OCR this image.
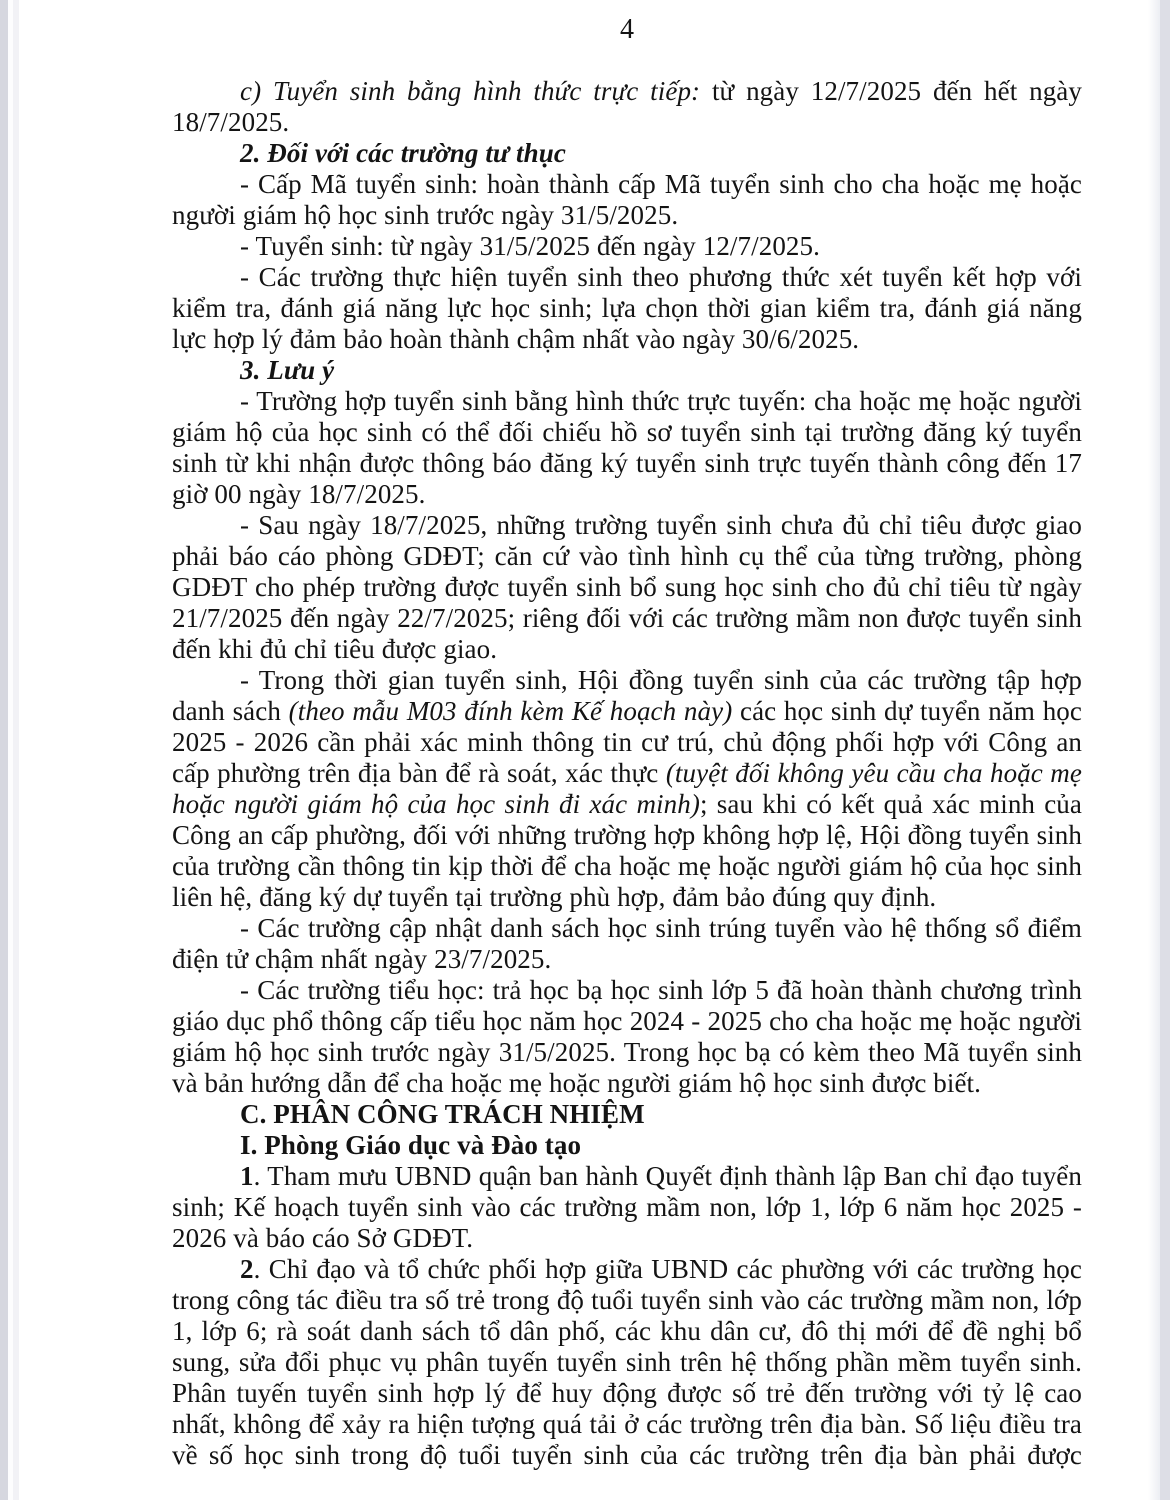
4

c) Tuyển sinh bằng hình thức trực tiếp: từ ngày 12/7/2025 đến hết ngày 18/7/2025.

2. Đối với các trường tư thục

- Cấp Mã tuyển sinh: hoàn thành cấp Mã tuyển sinh cho cha hoặc mẹ hoặc người giám hộ học sinh trước ngày 31/5/2025.

- Tuyển sinh: từ ngày 31/5/2025 đến ngày 12/7/2025.

- Các trường thực hiện tuyển sinh theo phương thức xét tuyển kết hợp với kiểm tra, đánh giá năng lực học sinh; lựa chọn thời gian kiểm tra, đánh giá năng lực hợp lý đảm bảo hoàn thành chậm nhất vào ngày 30/6/2025.

3. Lưu ý

- Trường hợp tuyển sinh bằng hình thức trực tuyến: cha hoặc mẹ hoặc người giám hộ của học sinh có thể đối chiếu hồ sơ tuyển sinh tại trường đăng ký tuyển sinh từ khi nhận được thông báo đăng ký tuyển sinh trực tuyến thành công đến 17 giờ 00 ngày 18/7/2025.

- Sau ngày 18/7/2025, những trường tuyển sinh chưa đủ chỉ tiêu được giao phải báo cáo phòng GDĐT; căn cứ vào tình hình cụ thể của từng trường, phòng GDĐT cho phép trường được tuyển sinh bổ sung học sinh cho đủ chỉ tiêu từ ngày 21/7/2025 đến ngày 22/7/2025; riêng đối với các trường mầm non được tuyển sinh đến khi đủ chỉ tiêu được giao.

- Trong thời gian tuyển sinh, Hội đồng tuyển sinh của các trường tập hợp danh sách (theo mẫu M03 đính kèm Kế hoạch này) các học sinh dự tuyển năm học 2025 - 2026 cần phải xác minh thông tin cư trú, chủ động phối hợp với Công an cấp phường trên địa bàn để rà soát, xác thực (tuyệt đối không yêu cầu cha hoặc mẹ hoặc người giám hộ của học sinh đi xác minh); sau khi có kết quả xác minh của Công an cấp phường, đối với những trường hợp không hợp lệ, Hội đồng tuyển sinh của trường cần thông tin kịp thời để cha hoặc mẹ hoặc người giám hộ của học sinh liên hệ, đăng ký dự tuyển tại trường phù hợp, đảm bảo đúng quy định.

- Các trường cập nhật danh sách học sinh trúng tuyển vào hệ thống sổ điểm điện tử chậm nhất ngày 23/7/2025.

- Các trường tiểu học: trả học bạ học sinh lớp 5 đã hoàn thành chương trình giáo dục phổ thông cấp tiểu học năm học 2024 - 2025 cho cha hoặc mẹ hoặc người giám hộ học sinh trước ngày 31/5/2025. Trong học bạ có kèm theo Mã tuyển sinh và bản hướng dẫn để cha hoặc mẹ hoặc người giám hộ học sinh được biết.

C. PHÂN CÔNG TRÁCH NHIỆM

I. Phòng Giáo dục và Đào tạo

1. Tham mưu UBND quận ban hành Quyết định thành lập Ban chỉ đạo tuyển sinh; Kế hoạch tuyển sinh vào các trường mầm non, lớp 1, lớp 6 năm học 2025 - 2026 và báo cáo Sở GDĐT.

2. Chỉ đạo và tổ chức phối hợp giữa UBND các phường với các trường học trong công tác điều tra số trẻ trong độ tuổi tuyển sinh vào các trường mầm non, lớp 1, lớp 6; rà soát danh sách tổ dân phố, các khu dân cư, đô thị mới để đề nghị bổ sung, sửa đổi phục vụ phân tuyến tuyển sinh trên hệ thống phần mềm tuyển sinh. Phân tuyến tuyển sinh hợp lý để huy động được số trẻ đến trường với tỷ lệ cao nhất, không để xảy ra hiện tượng quá tải ở các trường trên địa bàn. Số liệu điều tra về số học sinh trong độ tuổi tuyển sinh của các trường trên địa bàn phải được
